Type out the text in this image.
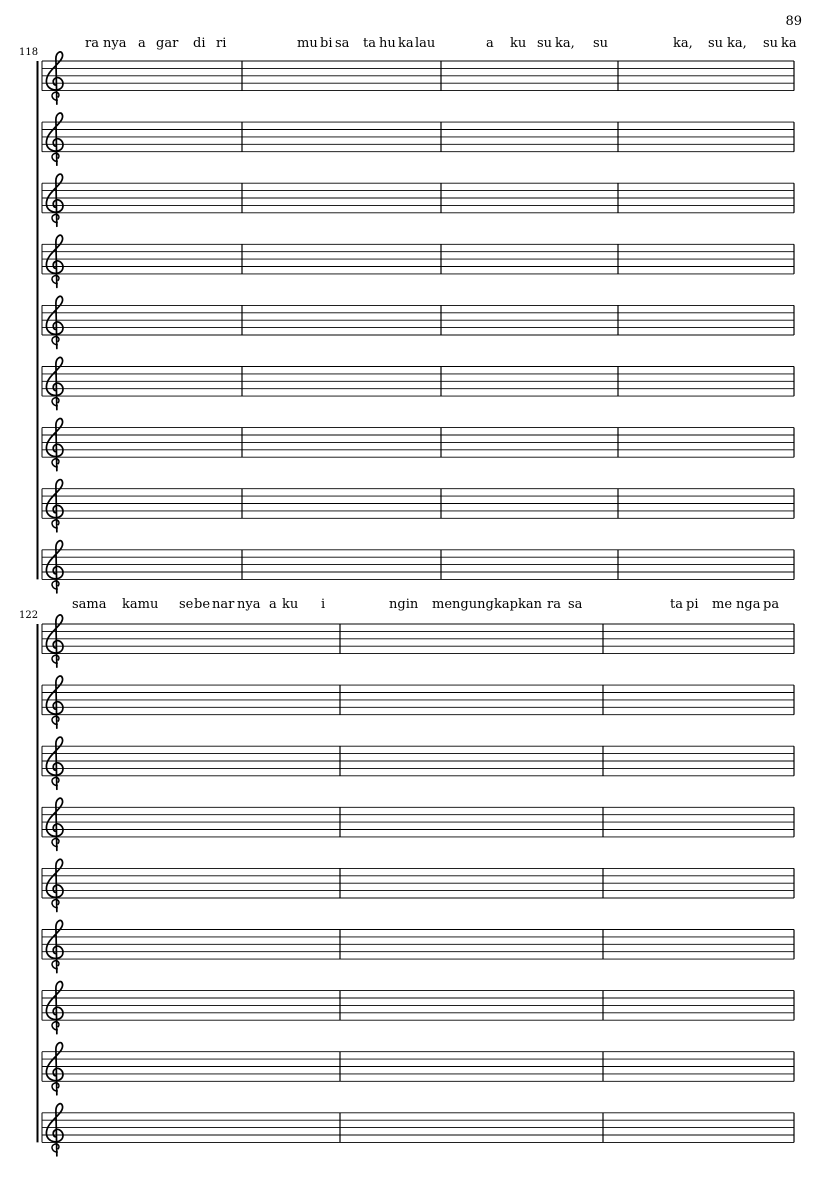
89
118
122
ra nya a gar di ri	mu bi sa ta hu ka lau	a ku su ka, su	ka, su ka, su ka
sama kamu se be nar nya a ku i	ngin me ngung kap kan ra sa	ta pi me nga pa
